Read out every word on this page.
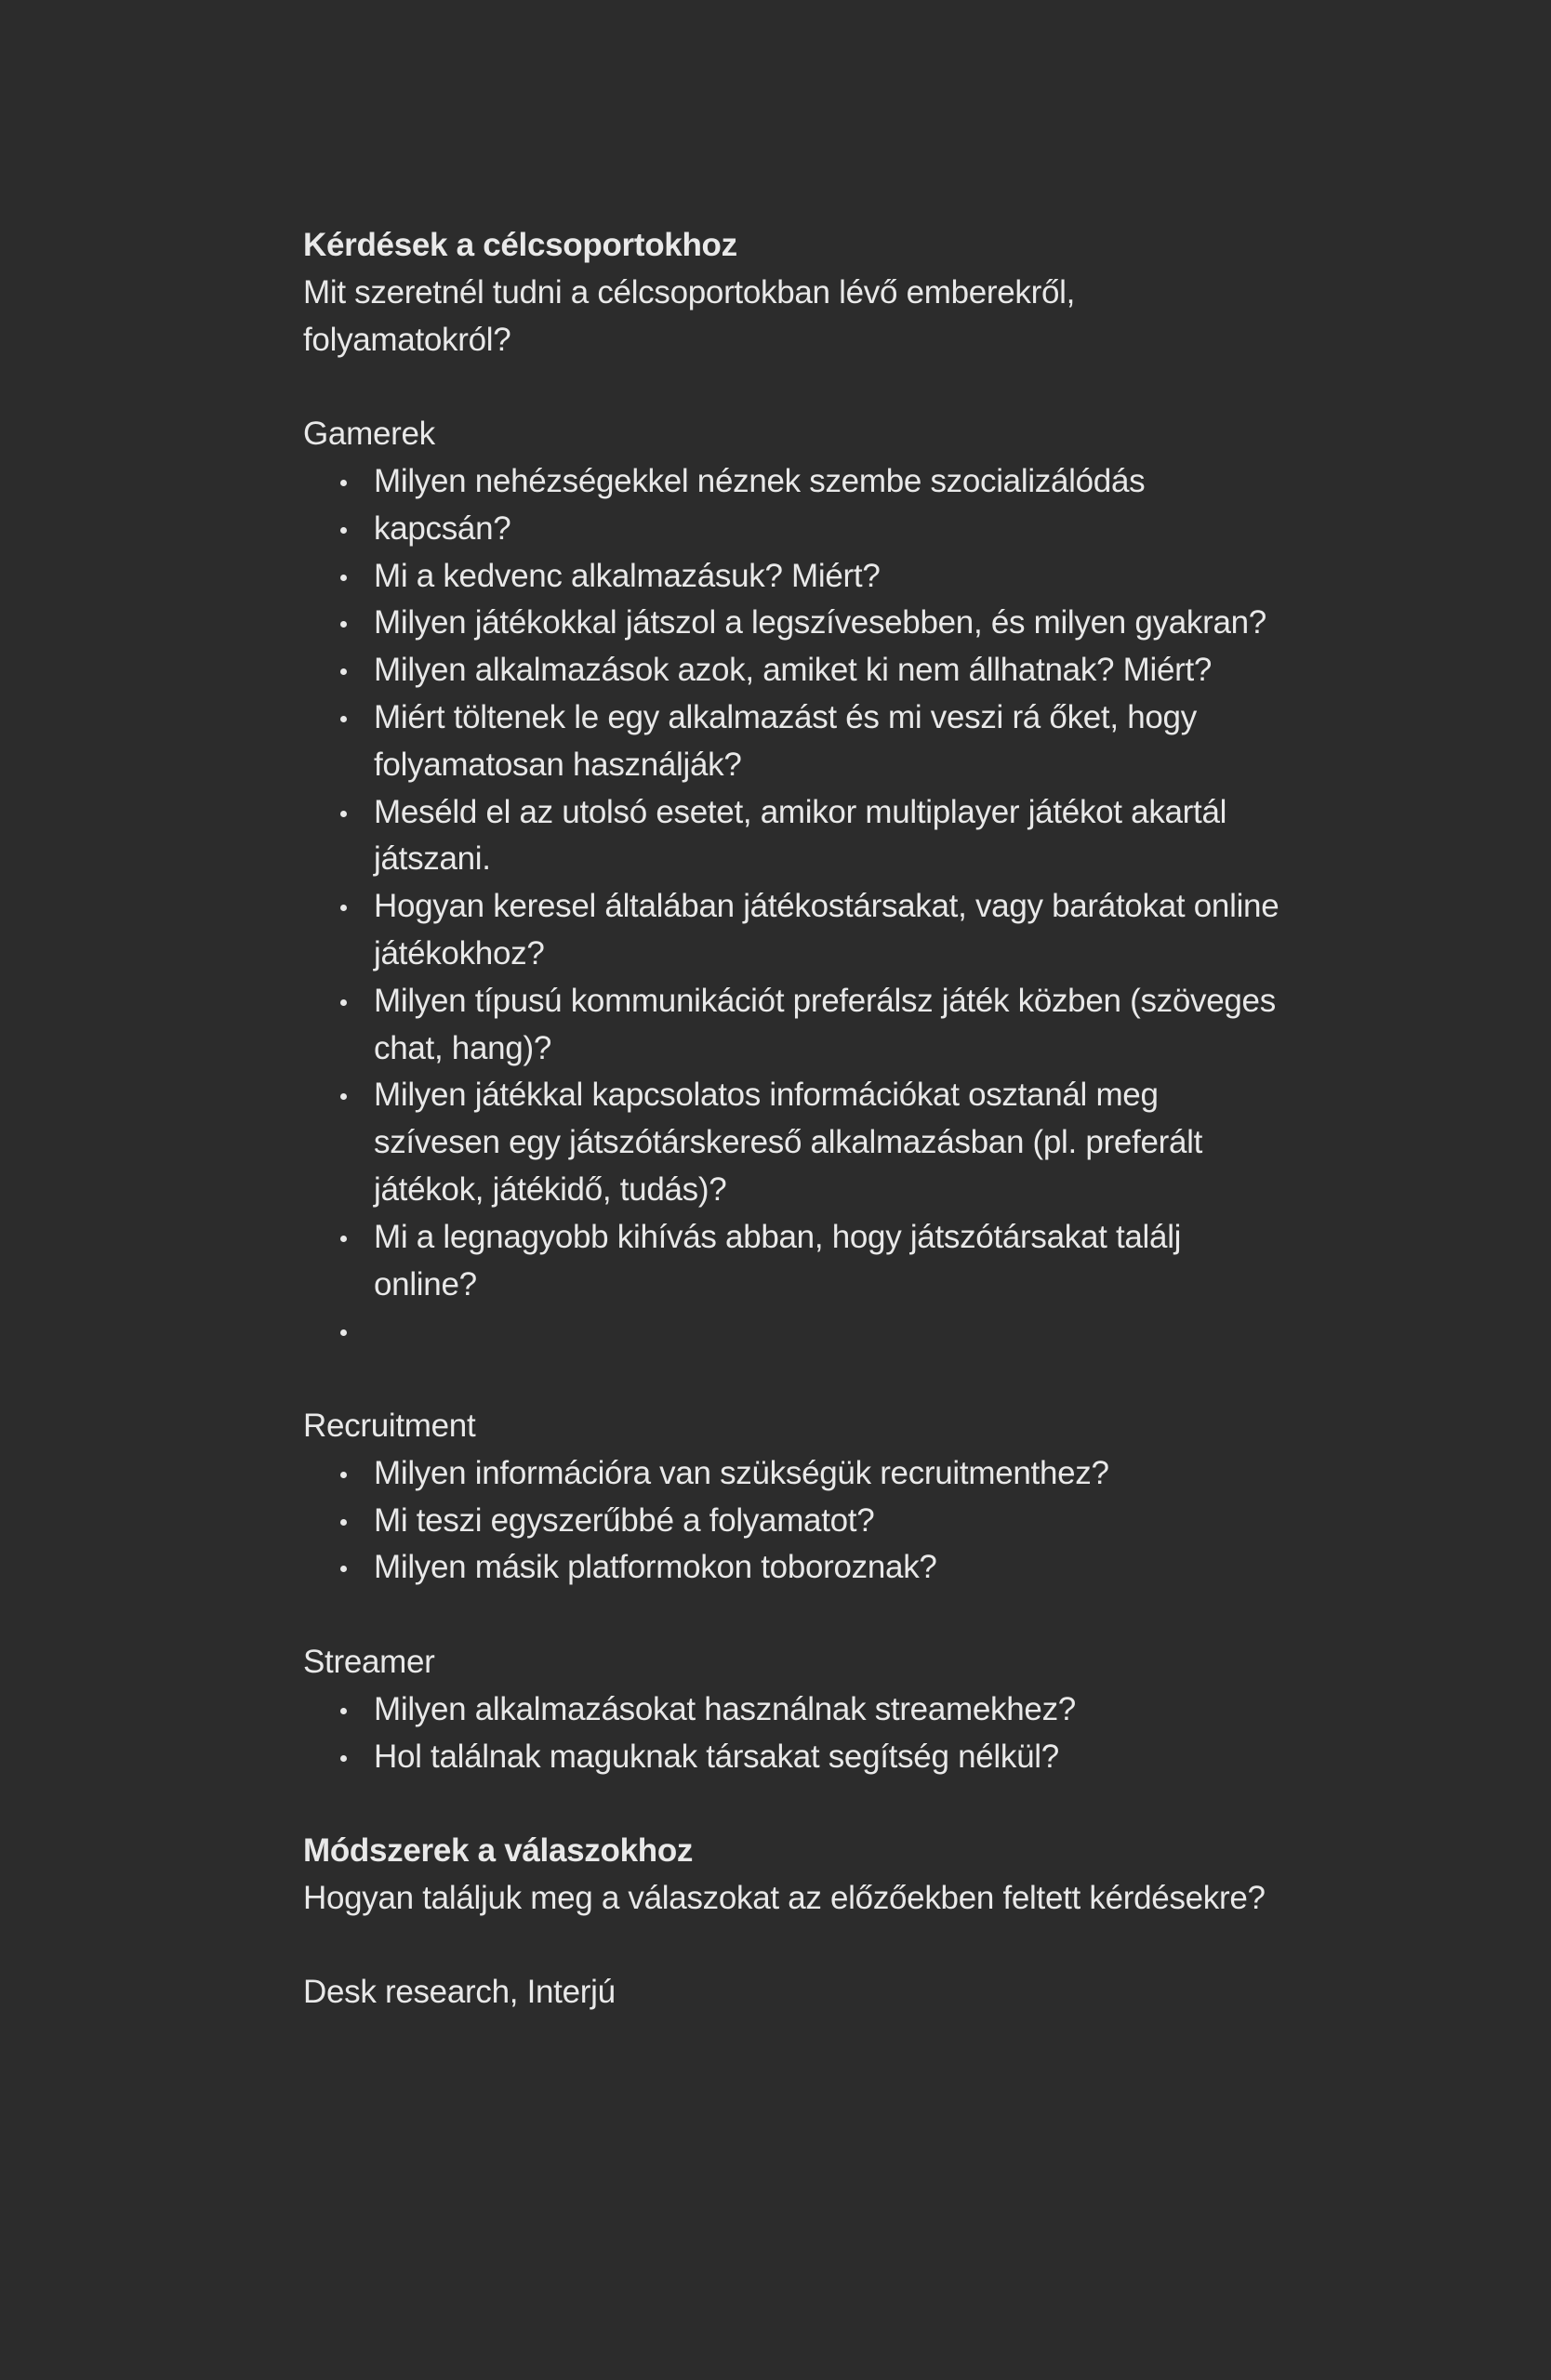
Kérdések a célcsoportokhoz

Mit szeretnél tudni a célcsoportokban lévő emberekről, folyamatokról?

Gamerek

Milyen nehézségekkel néznek szembe szocializálódás
kapcsán?
Mi a kedvenc alkalmazásuk? Miért?
Milyen játékokkal játszol a legszívesebben, és milyen gyakran?
Milyen alkalmazások azok, amiket ki nem állhatnak? Miért?
Miért töltenek le egy alkalmazást és mi veszi rá őket, hogy folyamatosan használják?
Meséld el az utolsó esetet, amikor multiplayer játékot akartál játszani.
Hogyan keresel általában játékostársakat, vagy barátokat online játékokhoz?
Milyen típusú kommunikációt preferálsz játék közben (szöveges chat, hang)?
Milyen játékkal kapcsolatos információkat osztanál meg szívesen egy játszótárskereső alkalmazásban (pl. preferált játékok, játékidő, tudás)?
Mi a legnagyobb kihívás abban, hogy játszótársakat találj online?

Recruitment

Milyen információra van szükségük recruitmenthez?
Mi teszi egyszerűbbé a folyamatot?
Milyen másik platformokon toboroznak?

Streamer

Milyen alkalmazásokat használnak streamekhez?
Hol találnak maguknak társakat segítség nélkül?

Módszerek a válaszokhoz

Hogyan találjuk meg a válaszokat az előzőekben feltett kérdésekre?

Desk research, Interjú
